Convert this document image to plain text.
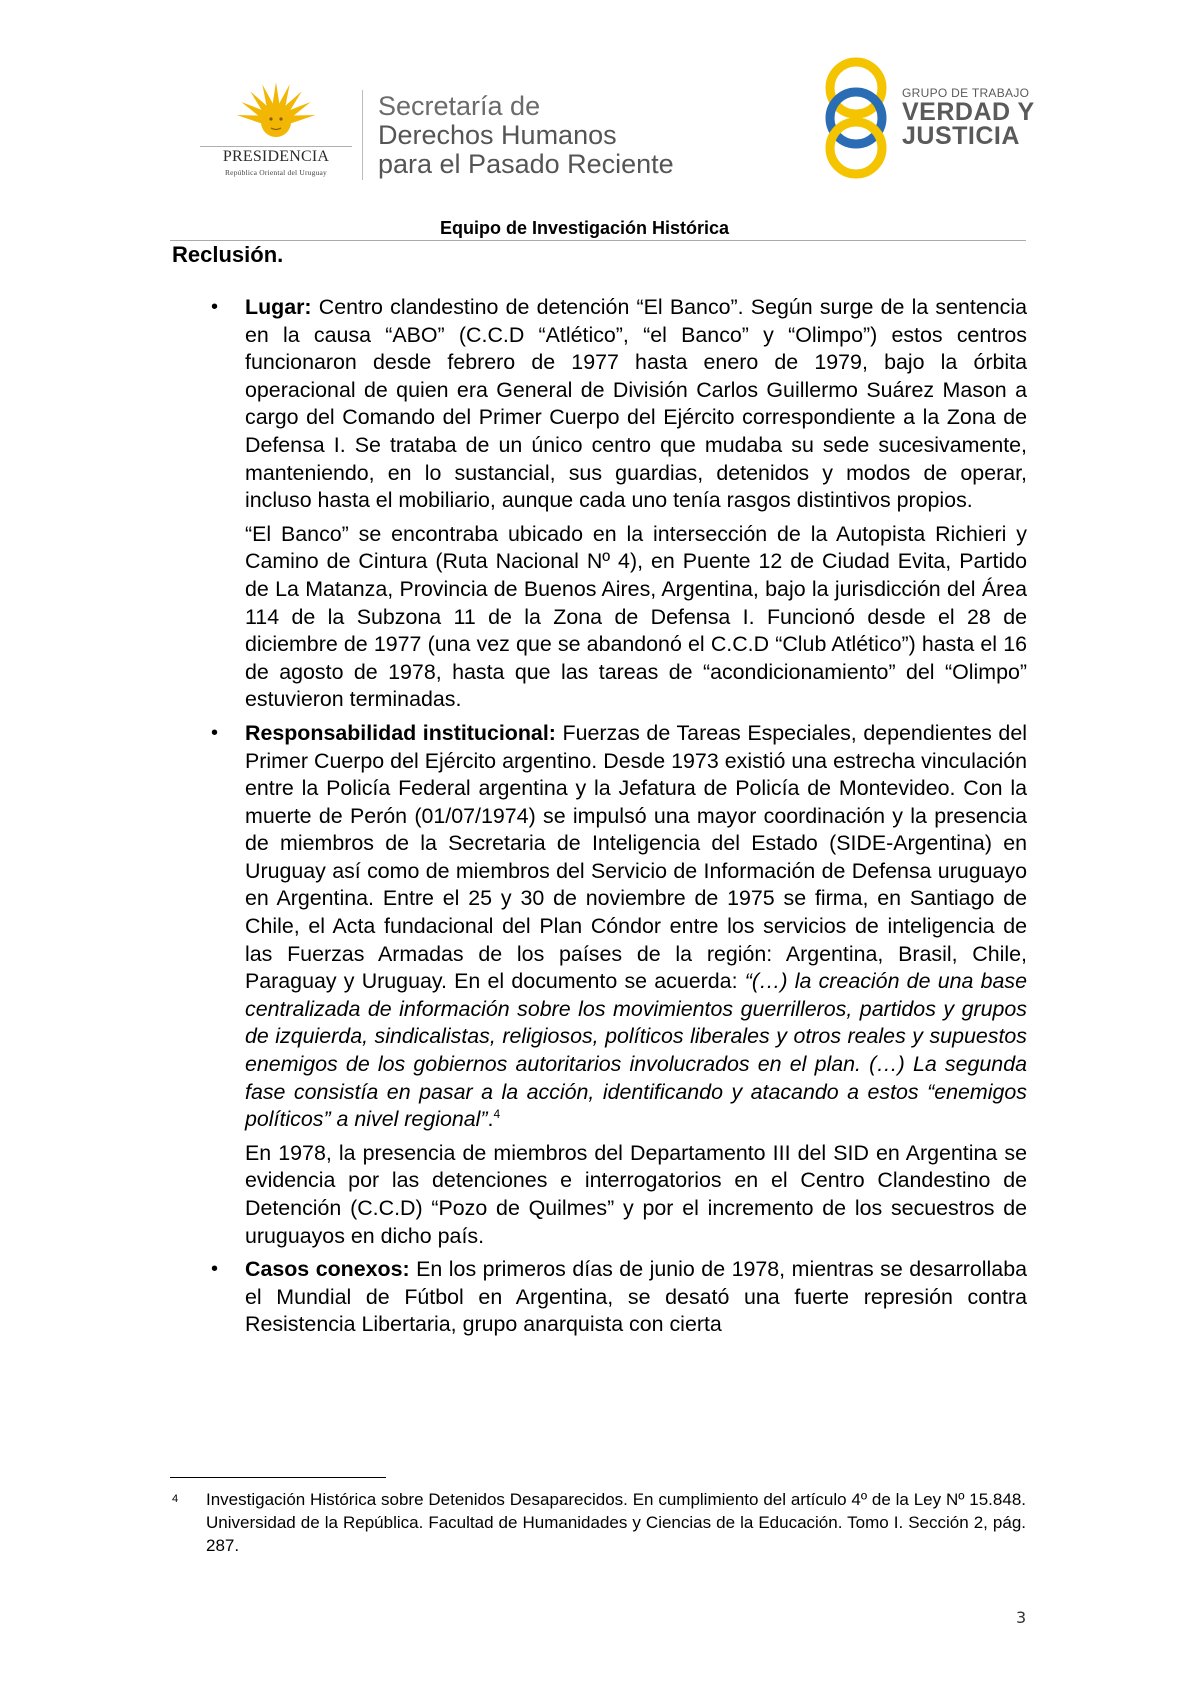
PRESIDENCIA
República Oriental del Uruguay
Secretaría de
Derechos Humanos
para el Pasado Reciente
GRUPO DE TRABAJO
VERDAD Y
JUSTICIA
Equipo de Investigación Histórica
Reclusión.
• Lugar: Centro clandestino de detención “El Banco”. Según surge de la sentencia en la causa “ABO” (C.C.D “Atlético”, “el Banco” y “Olimpo”) estos centros funcionaron desde febrero de 1977 hasta enero de 1979, bajo la órbita operacional de quien era General de División Carlos Guillermo Suárez Mason a cargo del Comando del Primer Cuerpo del Ejército correspondiente a la Zona de Defensa I. Se trataba de un único centro que mudaba su sede sucesivamente, manteniendo, en lo sustancial, sus guardias, detenidos y modos de operar, incluso hasta el mobiliario, aunque cada uno tenía rasgos distintivos propios.

“El Banco” se encontraba ubicado en la intersección de la Autopista Richieri y Camino de Cintura (Ruta Nacional Nº 4), en Puente 12 de Ciudad Evita, Partido de La Matanza, Provincia de Buenos Aires, Argentina, bajo la jurisdicción del Área 114 de la Subzona 11 de la Zona de Defensa I. Funcionó desde el 28 de diciembre de 1977 (una vez que se abandonó el C.C.D “Club Atlético”) hasta el 16 de agosto de 1978, hasta que las tareas de “acondicionamiento” del “Olimpo” estuvieron terminadas.

• Responsabilidad institucional: Fuerzas de Tareas Especiales, dependientes del Primer Cuerpo del Ejército argentino. Desde 1973 existió una estrecha vinculación entre la Policía Federal argentina y la Jefatura de Policía de Montevideo. Con la muerte de Perón (01/07/1974) se impulsó una mayor coordinación y la presencia de miembros de la Secretaria de Inteligencia del Estado (SIDE-Argentina) en Uruguay así como de miembros del Servicio de Información de Defensa uruguayo en Argentina. Entre el 25 y 30 de noviembre de 1975 se firma, en Santiago de Chile, el Acta fundacional del Plan Cóndor entre los servicios de inteligencia de las Fuerzas Armadas de los países de la región: Argentina, Brasil, Chile, Paraguay y Uruguay. En el documento se acuerda: “(…) la creación de una base centralizada de información sobre los movimientos guerrilleros, partidos y grupos de izquierda, sindicalistas, religiosos, políticos liberales y otros reales y supuestos enemigos de los gobiernos autoritarios involucrados en el plan. (…) La segunda fase consistía en pasar a la acción, identificando y atacando a estos “enemigos políticos” a nivel regional”.$^4$

En 1978, la presencia de miembros del Departamento III del SID en Argentina se evidencia por las detenciones e interrogatorios en el Centro Clandestino de Detención (C.C.D) “Pozo de Quilmes” y por el incremento de los secuestros de uruguayos en dicho país.

• Casos conexos: En los primeros días de junio de 1978, mientras se desarrollaba el Mundial de Fútbol en Argentina, se desató una fuerte represión contra Resistencia Libertaria, grupo anarquista con cierta

4 Investigación Histórica sobre Detenidos Desaparecidos. En cumplimiento del artículo 4º de la Ley Nº 15.848. Universidad de la República. Facultad de Humanidades y Ciencias de la Educación. Tomo I. Sección 2, pág. 287.
3
